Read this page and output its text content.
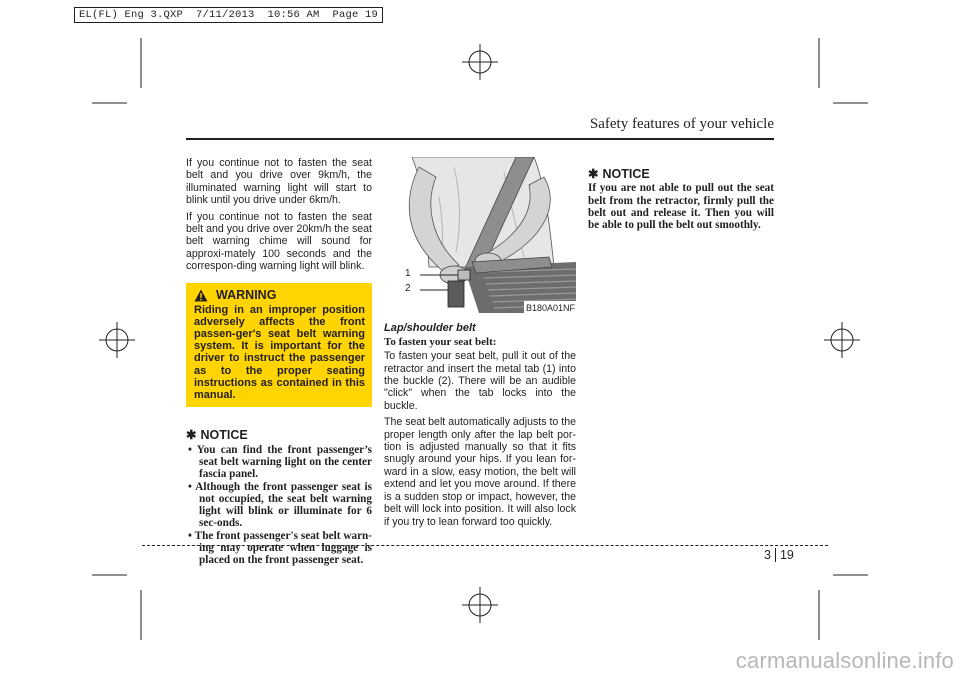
EL(FL) Eng 3.QXP  7/11/2013  10:56 AM  Page 19
Safety features of your vehicle

If you continue not to fasten the seat belt and you drive over 9km/h, the illuminated warning light will start to blink until you drive under 6km/h.

If you continue not to fasten the seat belt and you drive over 20km/h the seat belt warning chime will sound for approxi-mately 100 seconds and the correspon-ding warning light will blink.

WARNING
Riding in an improper position adversely affects the front passen-ger's seat belt warning system. It is important for the driver to instruct the passenger as to the proper seating instructions as contained in this manual.
✱ NOTICE
• You can find the front passenger’s seat belt warning light on the center fascia panel.
• Although the front passenger seat is not occupied, the seat belt warning light will blink or illuminate for 6 sec-onds.
• The front passenger's seat belt warn-ing may operate when luggage is placed on the front passenger seat.
1
2
B180A01NF
Lap/shoulder belt
To fasten your seat belt:

To fasten your seat belt, pull it out of the retractor and insert the metal tab (1) into the buckle (2). There will be an audible "click" when the tab locks into the buckle.

The seat belt automatically adjusts to the proper length only after the lap belt por-tion is adjusted manually so that it fits snugly around your hips. If you lean for-ward in a slow, easy motion, the belt will extend and let you move around. If there is a sudden stop or impact, however, the belt will lock into position. It will also lock if you try to lean forward too quickly.

✱ NOTICE

If you are not able to pull out the seat belt from the retractor, firmly pull the belt out and release it. Then you will be able to pull the belt out smoothly.

3 19
carmanualsonline.info
